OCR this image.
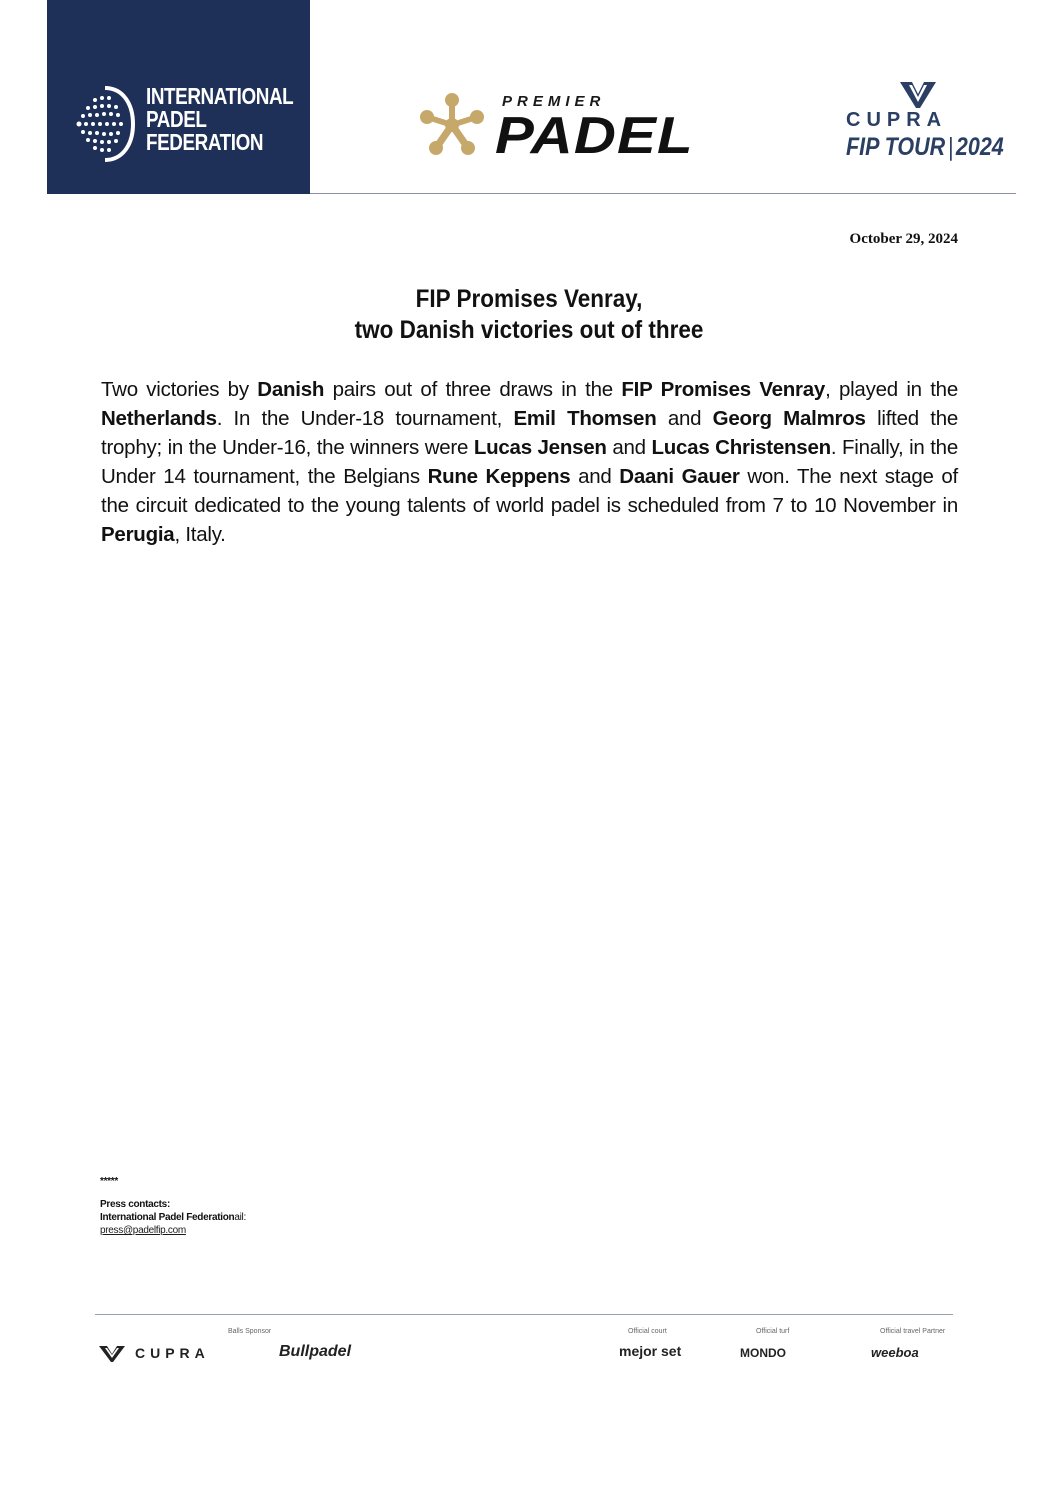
INTERNATIONAL
PADEL
FEDERATION
PREMIER
PADEL	CUPRA
FIP TOUR | 2024
October 29, 2024
FIP Promises Venray,
two Danish victories out of three

Two victories by Danish pairs out of three draws in the FIP Promises Venray, played in the Netherlands. In the Under-18 tournament, Emil Thomsen and Georg Malmros lifted the trophy; in the Under-16, the winners were Lucas Jensen and Lucas Christensen. Finally, in the Under 14 tournament, the Belgians Rune Keppens and Daani Gauer won. The next stage of the circuit dedicated to the young talents of world padel is scheduled from 7 to 10 November in Perugia, Italy.

*****
Press contacts:
International Padel Federationail:
press@padelfip.com
Balls Sponsor	Official court	Official turf	Official travel Partner
CUPRA	Bullpadel	mejor set	MONDO	weeboa
